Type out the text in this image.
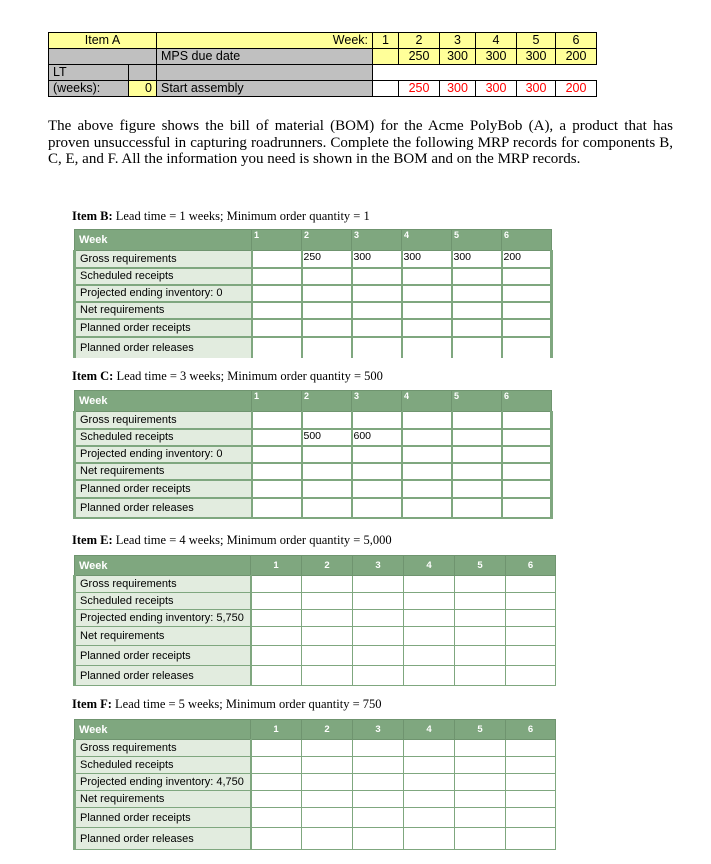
Item A		Week:	1	2	3	4	5	6
		MPS due date		250	300	300	300	200
LT								
(weeks):	0	Start assembly		250	300	300	300	200

The above figure shows the bill of material (BOM) for the Acme PolyBob (A), a product that has proven unsuccessful in capturing roadrunners. Complete the following MRP records for components B, C, E, and F. All the information you need is shown in the BOM and on the MRP records.

Item B: Lead time = 1 weeks; Minimum order quantity = 1
Week	1	2	3	4	5	6
Gross requirements		250	300	300	300	200
Scheduled receipts						
Projected ending inventory: 0						
Net requirements						
Planned order receipts						
Planned order releases						
Item C: Lead time = 3 weeks; Minimum order quantity = 500
Week	1	2	3	4	5	6
Gross requirements						
Scheduled receipts		500	600			
Projected ending inventory: 0						
Net requirements						
Planned order receipts						
Planned order releases						
Item E: Lead time = 4 weeks; Minimum order quantity = 5,000
Week	1	2	3	4	5	6
Gross requirements						
Scheduled receipts						
Projected ending inventory: 5,750						
Net requirements						
Planned order receipts						
Planned order releases						
Item F: Lead time = 5 weeks; Minimum order quantity = 750
Week	1	2	3	4	5	6
Gross requirements						
Scheduled receipts						
Projected ending inventory: 4,750						
Net requirements						
Planned order receipts						
Planned order releases						
